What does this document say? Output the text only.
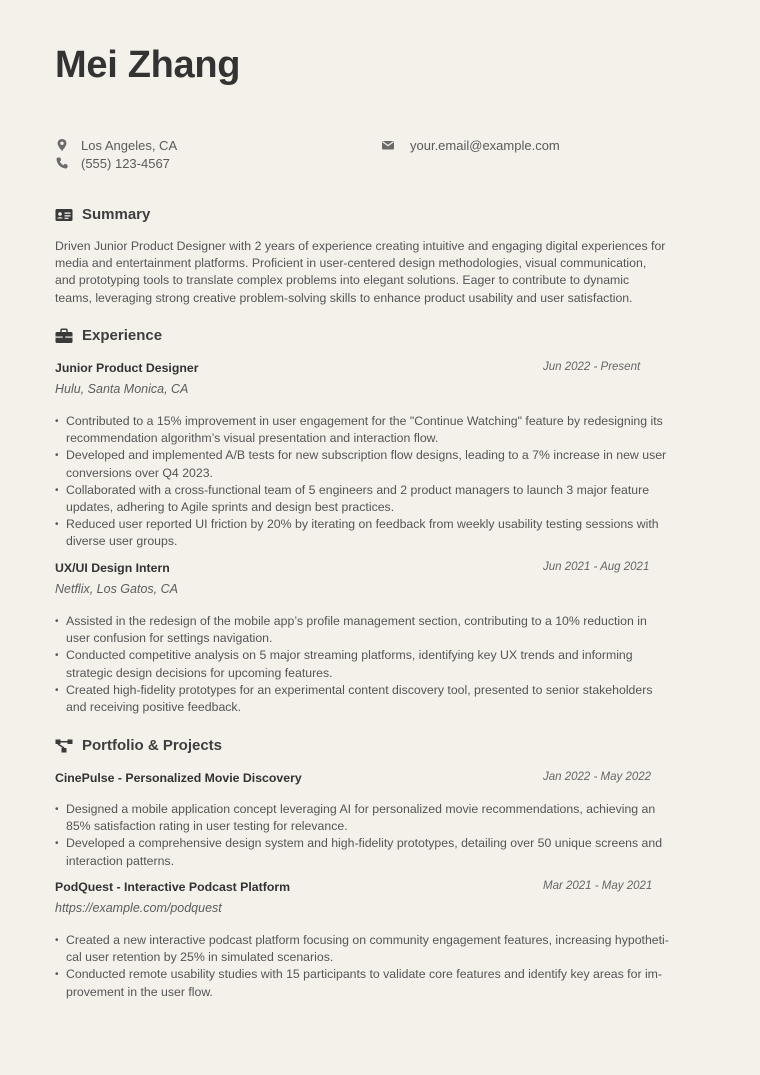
Mei Zhang
Los Angeles, CA
(555) 123-4567
your.email@example.com
Summary

Driven Junior Product Designer with 2 years of experience creating intuitive and engaging digital experiences for
media and entertainment platforms. Proficient in user-centered design methodologies, visual communication,
and prototyping tools to translate complex problems into elegant solutions. Eager to contribute to dynamic
teams, leveraging strong creative problem-solving skills to enhance product usability and user satisfaction.

Experience
Junior Product Designer	Jun 2022 - Present
Hulu, Santa Monica, CA
• Contributed to a 15% improvement in user engagement for the "Continue Watching" feature by redesigning its
recommendation algorithm’s visual presentation and interaction flow.
• Developed and implemented A/B tests for new subscription flow designs, leading to a 7% increase in new user
conversions over Q4 2023.
• Collaborated with a cross-functional team of 5 engineers and 2 product managers to launch 3 major feature
updates, adhering to Agile sprints and design best practices.
• Reduced user reported UI friction by 20% by iterating on feedback from weekly usability testing sessions with
diverse user groups.
UX/UI Design Intern	Jun 2021 - Aug 2021
Netflix, Los Gatos, CA
• Assisted in the redesign of the mobile app’s profile management section, contributing to a 10% reduction in
user confusion for settings navigation.
• Conducted competitive analysis on 5 major streaming platforms, identifying key UX trends and informing
strategic design decisions for upcoming features.
• Created high-fidelity prototypes for an experimental content discovery tool, presented to senior stakeholders
and receiving positive feedback.
Portfolio & Projects
CinePulse - Personalized Movie Discovery	Jan 2022 - May 2022
• Designed a mobile application concept leveraging AI for personalized movie recommendations, achieving an
85% satisfaction rating in user testing for relevance.
• Developed a comprehensive design system and high-fidelity prototypes, detailing over 50 unique screens and
interaction patterns.
PodQuest - Interactive Podcast Platform	Mar 2021 - May 2021
https://example.com/podquest
• Created a new interactive podcast platform focusing on community engagement features, increasing hypotheti-
cal user retention by 25% in simulated scenarios.
• Conducted remote usability studies with 15 participants to validate core features and identify key areas for im-
provement in the user flow.
